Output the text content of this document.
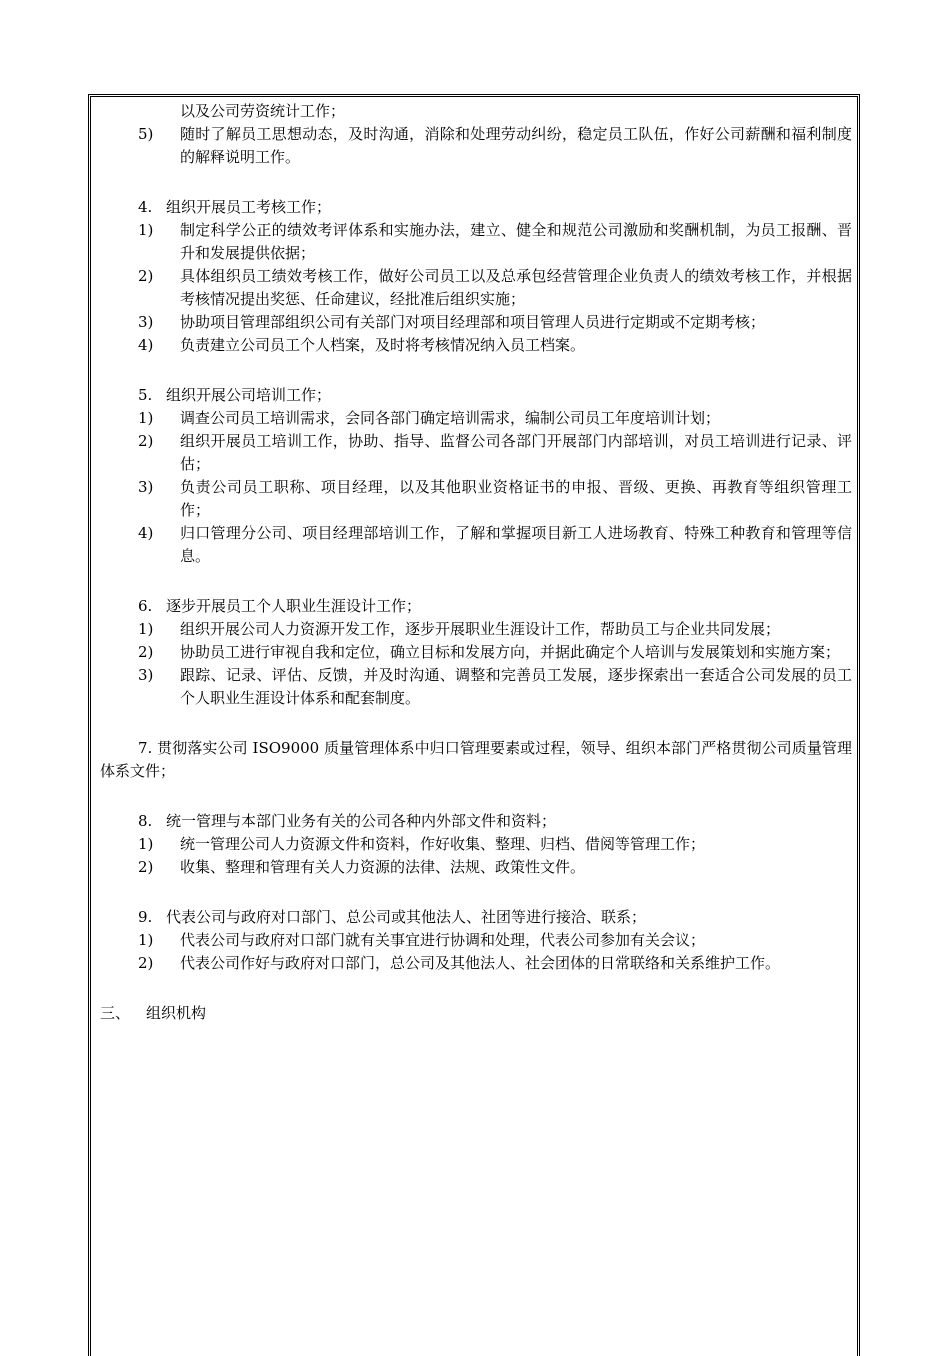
以及公司劳资统计工作；

5) 随时了解员工思想动态，及时沟通，消除和处理劳动纠纷，稳定员工队伍，作好公司薪酬和福利制度的解释说明工作。
4. 组织开展员工考核工作；
1) 制定科学公正的绩效考评体系和实施办法，建立、健全和规范公司激励和奖酬机制，为员工报酬、晋升和发展提供依据；
2) 具体组织员工绩效考核工作，做好公司员工以及总承包经营管理企业负责人的绩效考核工作，并根据考核情况提出奖惩、任命建议，经批准后组织实施；
3) 协助项目管理部组织公司有关部门对项目经理部和项目管理人员进行定期或不定期考核；
4) 负责建立公司员工个人档案，及时将考核情况纳入员工档案。
5. 组织开展公司培训工作；
1) 调查公司员工培训需求，会同各部门确定培训需求，编制公司员工年度培训计划；
2) 组织开展员工培训工作，协助、指导、监督公司各部门开展部门内部培训，对员工培训进行记录、评估；
3) 负责公司员工职称、项目经理，以及其他职业资格证书的申报、晋级、更换、再教育等组织管理工作；
4) 归口管理分公司、项目经理部培训工作，了解和掌握项目新工人进场教育、特殊工种教育和管理等信息。
6. 逐步开展员工个人职业生涯设计工作；
1) 组织开展公司人力资源开发工作，逐步开展职业生涯设计工作，帮助员工与企业共同发展；
2) 协助员工进行审视自我和定位，确立目标和发展方向，并据此确定个人培训与发展策划和实施方案；
3) 跟踪、记录、评估、反馈，并及时沟通、调整和完善员工发展，逐步探索出一套适合公司发展的员工个人职业生涯设计体系和配套制度。

7. 贯彻落实公司 ISO9000 质量管理体系中归口管理要素或过程，领导、组织本部门严格贯彻公司质量管理体系文件；

8. 统一管理与本部门业务有关的公司各种内外部文件和资料；
1) 统一管理公司人力资源文件和资料，作好收集、整理、归档、借阅等管理工作；
2) 收集、整理和管理有关人力资源的法律、法规、政策性文件。
9. 代表公司与政府对口部门、总公司或其他法人、社团等进行接洽、联系；
1) 代表公司与政府对口部门就有关事宜进行协调和处理，代表公司参加有关会议；
2) 代表公司作好与政府对口部门，总公司及其他法人、社会团体的日常联络和关系维护工作。
三、 组织机构
